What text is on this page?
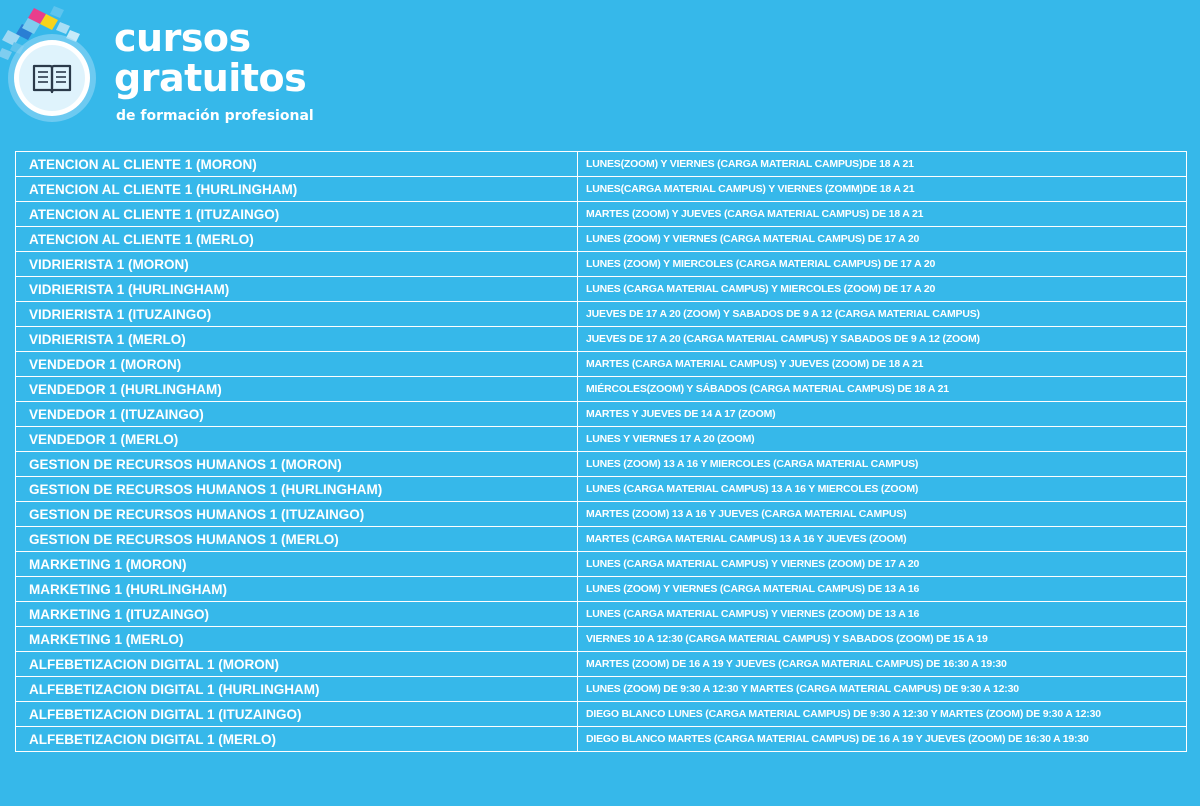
cursos
gratuitos
de formación profesional
ATENCION AL CLIENTE 1 (MORON)	LUNES(ZOOM) Y VIERNES (CARGA MATERIAL CAMPUS)DE 18 A 21
ATENCION AL CLIENTE 1 (HURLINGHAM)	LUNES(CARGA MATERIAL CAMPUS) Y VIERNES (ZOMM)DE 18 A 21
ATENCION AL CLIENTE 1 (ITUZAINGO)	MARTES (ZOOM) Y JUEVES (CARGA MATERIAL CAMPUS) DE 18 A 21
ATENCION AL CLIENTE 1 (MERLO)	LUNES (ZOOM) Y VIERNES (CARGA MATERIAL CAMPUS) DE 17 A 20
VIDRIERISTA 1 (MORON)	LUNES (ZOOM) Y MIERCOLES (CARGA MATERIAL CAMPUS) DE 17 A 20
VIDRIERISTA 1 (HURLINGHAM)	LUNES (CARGA MATERIAL CAMPUS) Y MIERCOLES (ZOOM) DE 17 A 20
VIDRIERISTA 1 (ITUZAINGO)	JUEVES DE 17 A 20 (ZOOM) Y SABADOS DE 9 A 12 (CARGA MATERIAL CAMPUS)
VIDRIERISTA 1 (MERLO)	JUEVES DE 17 A 20 (CARGA MATERIAL CAMPUS) Y SABADOS DE 9 A 12 (ZOOM)
VENDEDOR 1 (MORON)	MARTES (CARGA MATERIAL CAMPUS) Y JUEVES (ZOOM) DE 18 A 21
VENDEDOR 1 (HURLINGHAM)	MIÉRCOLES(ZOOM) Y SÁBADOS (CARGA MATERIAL CAMPUS) DE 18 A 21
VENDEDOR 1 (ITUZAINGO)	MARTES Y JUEVES DE 14 A 17 (ZOOM)
VENDEDOR 1 (MERLO)	LUNES Y VIERNES 17 A 20 (ZOOM)
GESTION DE RECURSOS HUMANOS 1 (MORON)	LUNES (ZOOM) 13 A 16 Y MIERCOLES (CARGA MATERIAL CAMPUS)
GESTION DE RECURSOS HUMANOS 1 (HURLINGHAM)	LUNES (CARGA MATERIAL CAMPUS) 13 A 16 Y MIERCOLES (ZOOM)
GESTION DE RECURSOS HUMANOS 1 (ITUZAINGO)	MARTES (ZOOM) 13 A 16 Y JUEVES (CARGA MATERIAL CAMPUS)
GESTION DE RECURSOS HUMANOS 1 (MERLO)	MARTES (CARGA MATERIAL CAMPUS) 13 A 16 Y JUEVES (ZOOM)
MARKETING 1 (MORON)	LUNES (CARGA MATERIAL CAMPUS) Y VIERNES (ZOOM) DE 17 A 20
MARKETING 1 (HURLINGHAM)	LUNES (ZOOM) Y VIERNES (CARGA MATERIAL CAMPUS) DE 13 A 16
MARKETING 1 (ITUZAINGO)	LUNES (CARGA MATERIAL CAMPUS) Y VIERNES (ZOOM) DE 13 A 16
MARKETING 1 (MERLO)	VIERNES 10 A 12:30 (CARGA MATERIAL CAMPUS) Y SABADOS (ZOOM) DE 15 A 19
ALFEBETIZACION DIGITAL 1 (MORON)	MARTES (ZOOM) DE 16 A 19 Y JUEVES (CARGA MATERIAL CAMPUS) DE 16:30 A 19:30
ALFEBETIZACION DIGITAL 1 (HURLINGHAM)	LUNES (ZOOM) DE 9:30 A 12:30 Y MARTES (CARGA MATERIAL CAMPUS) DE 9:30 A 12:30
ALFEBETIZACION DIGITAL 1 (ITUZAINGO)	DIEGO BLANCO LUNES (CARGA MATERIAL CAMPUS) DE 9:30 A 12:30 Y MARTES (ZOOM) DE 9:30 A 12:30
ALFEBETIZACION DIGITAL 1 (MERLO)	DIEGO BLANCO MARTES (CARGA MATERIAL CAMPUS) DE 16 A 19 Y JUEVES (ZOOM) DE 16:30 A 19:30
